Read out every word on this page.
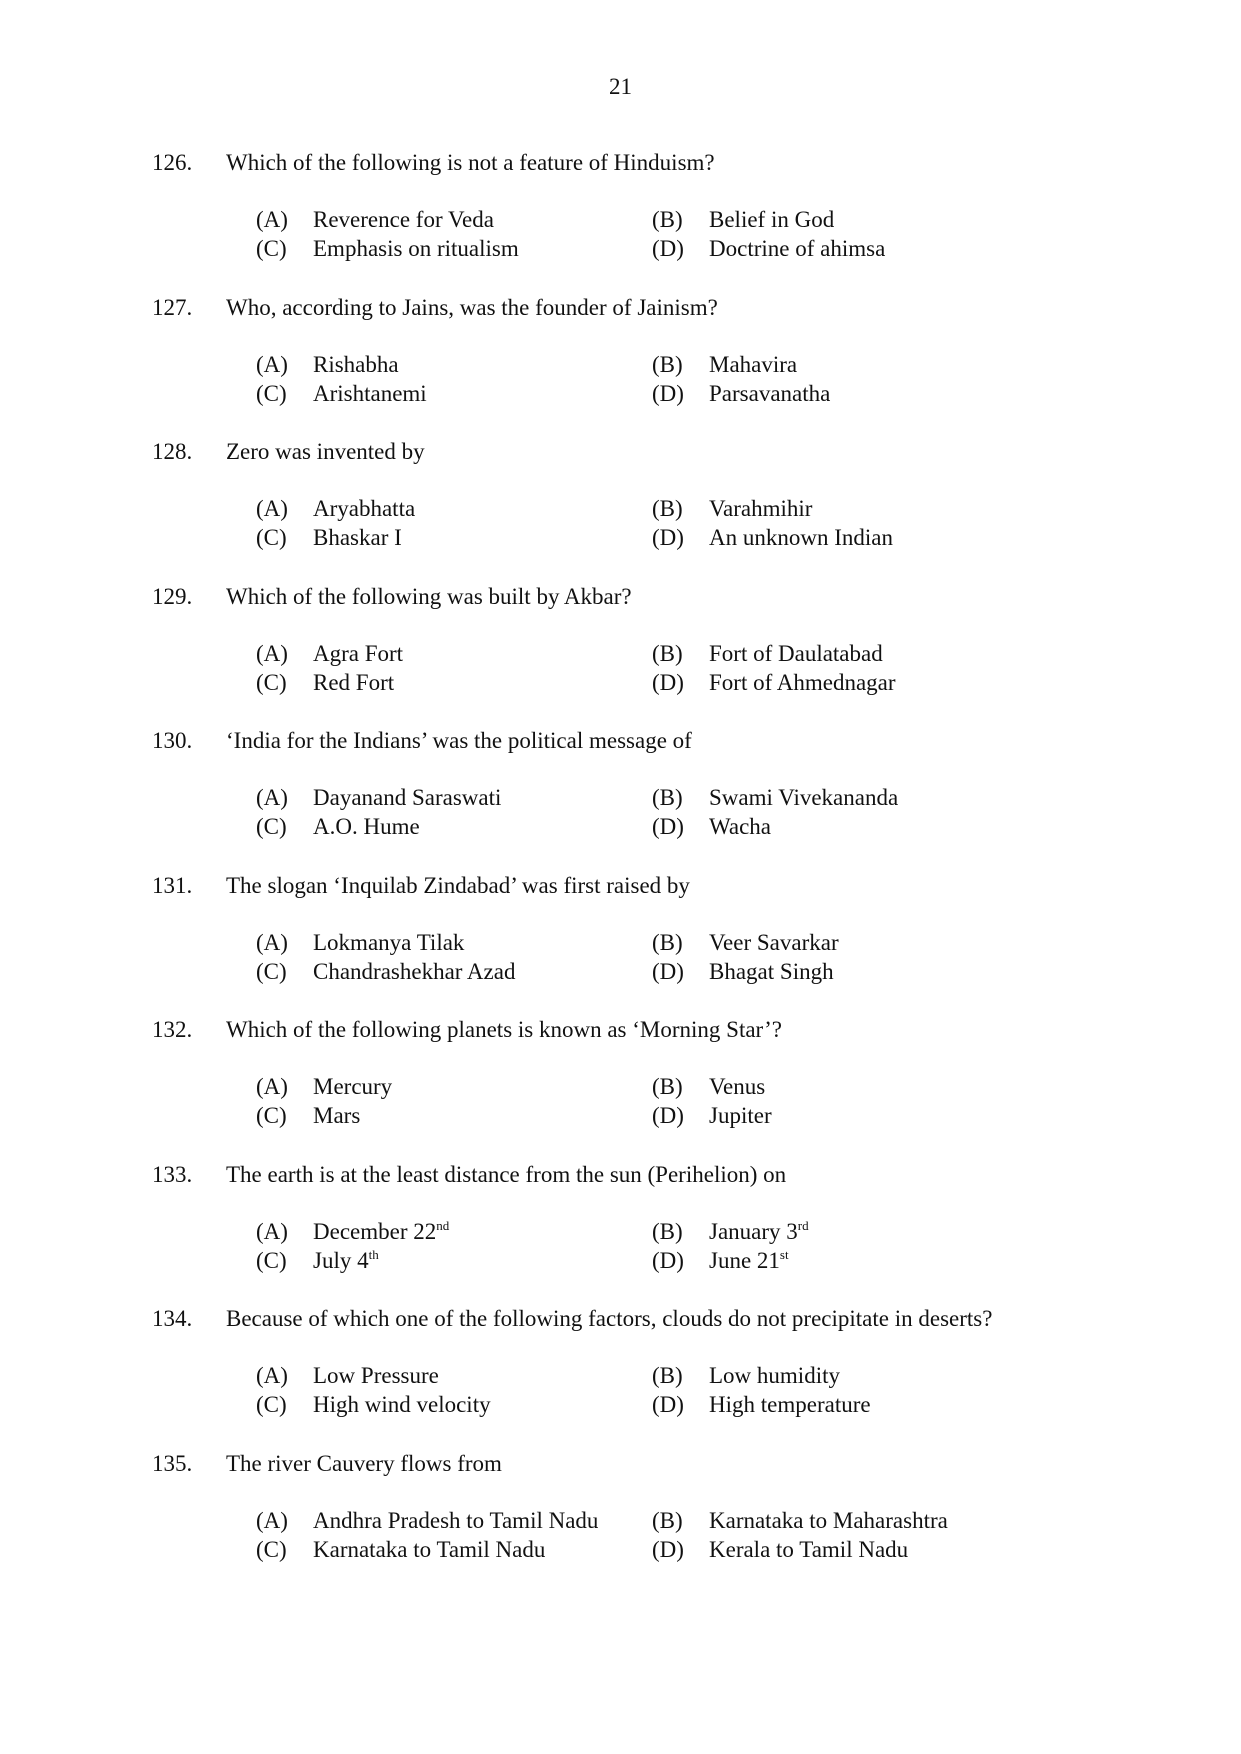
21
126. Which of the following is not a feature of Hinduism?
(A) Reverence for Veda	(B) Belief in God
(C) Emphasis on ritualism	(D) Doctrine of ahimsa
127. Who, according to Jains, was the founder of Jainism?
(A) Rishabha	(B) Mahavira
(C) Arishtanemi	(D) Parsavanatha
128. Zero was invented by
(A) Aryabhatta	(B) Varahmihir
(C) Bhaskar I	(D) An unknown Indian
129. Which of the following was built by Akbar?
(A) Agra Fort	(B) Fort of Daulatabad
(C) Red Fort	(D) Fort of Ahmednagar
130. ‘India for the Indians’ was the political message of
(A) Dayanand Saraswati	(B) Swami Vivekananda
(C) A.O. Hume	(D) Wacha
131. The slogan ‘Inquilab Zindabad’ was first raised by
(A) Lokmanya Tilak	(B) Veer Savarkar
(C) Chandrashekhar Azad	(D) Bhagat Singh
132. Which of the following planets is known as ‘Morning Star’?
(A) Mercury	(B) Venus
(C) Mars	(D) Jupiter
133. The earth is at the least distance from the sun (Perihelion) on
(A) December 22nd	(B) January 3rd
(C) July 4th	(D) June 21st
134. Because of which one of the following factors, clouds do not precipitate in deserts?
(A) Low Pressure	(B) Low humidity
(C) High wind velocity	(D) High temperature
135. The river Cauvery flows from
(A) Andhra Pradesh to Tamil Nadu (B) Karnataka to Maharashtra
(C) Karnataka to Tamil Nadu	(D) Kerala to Tamil Nadu
